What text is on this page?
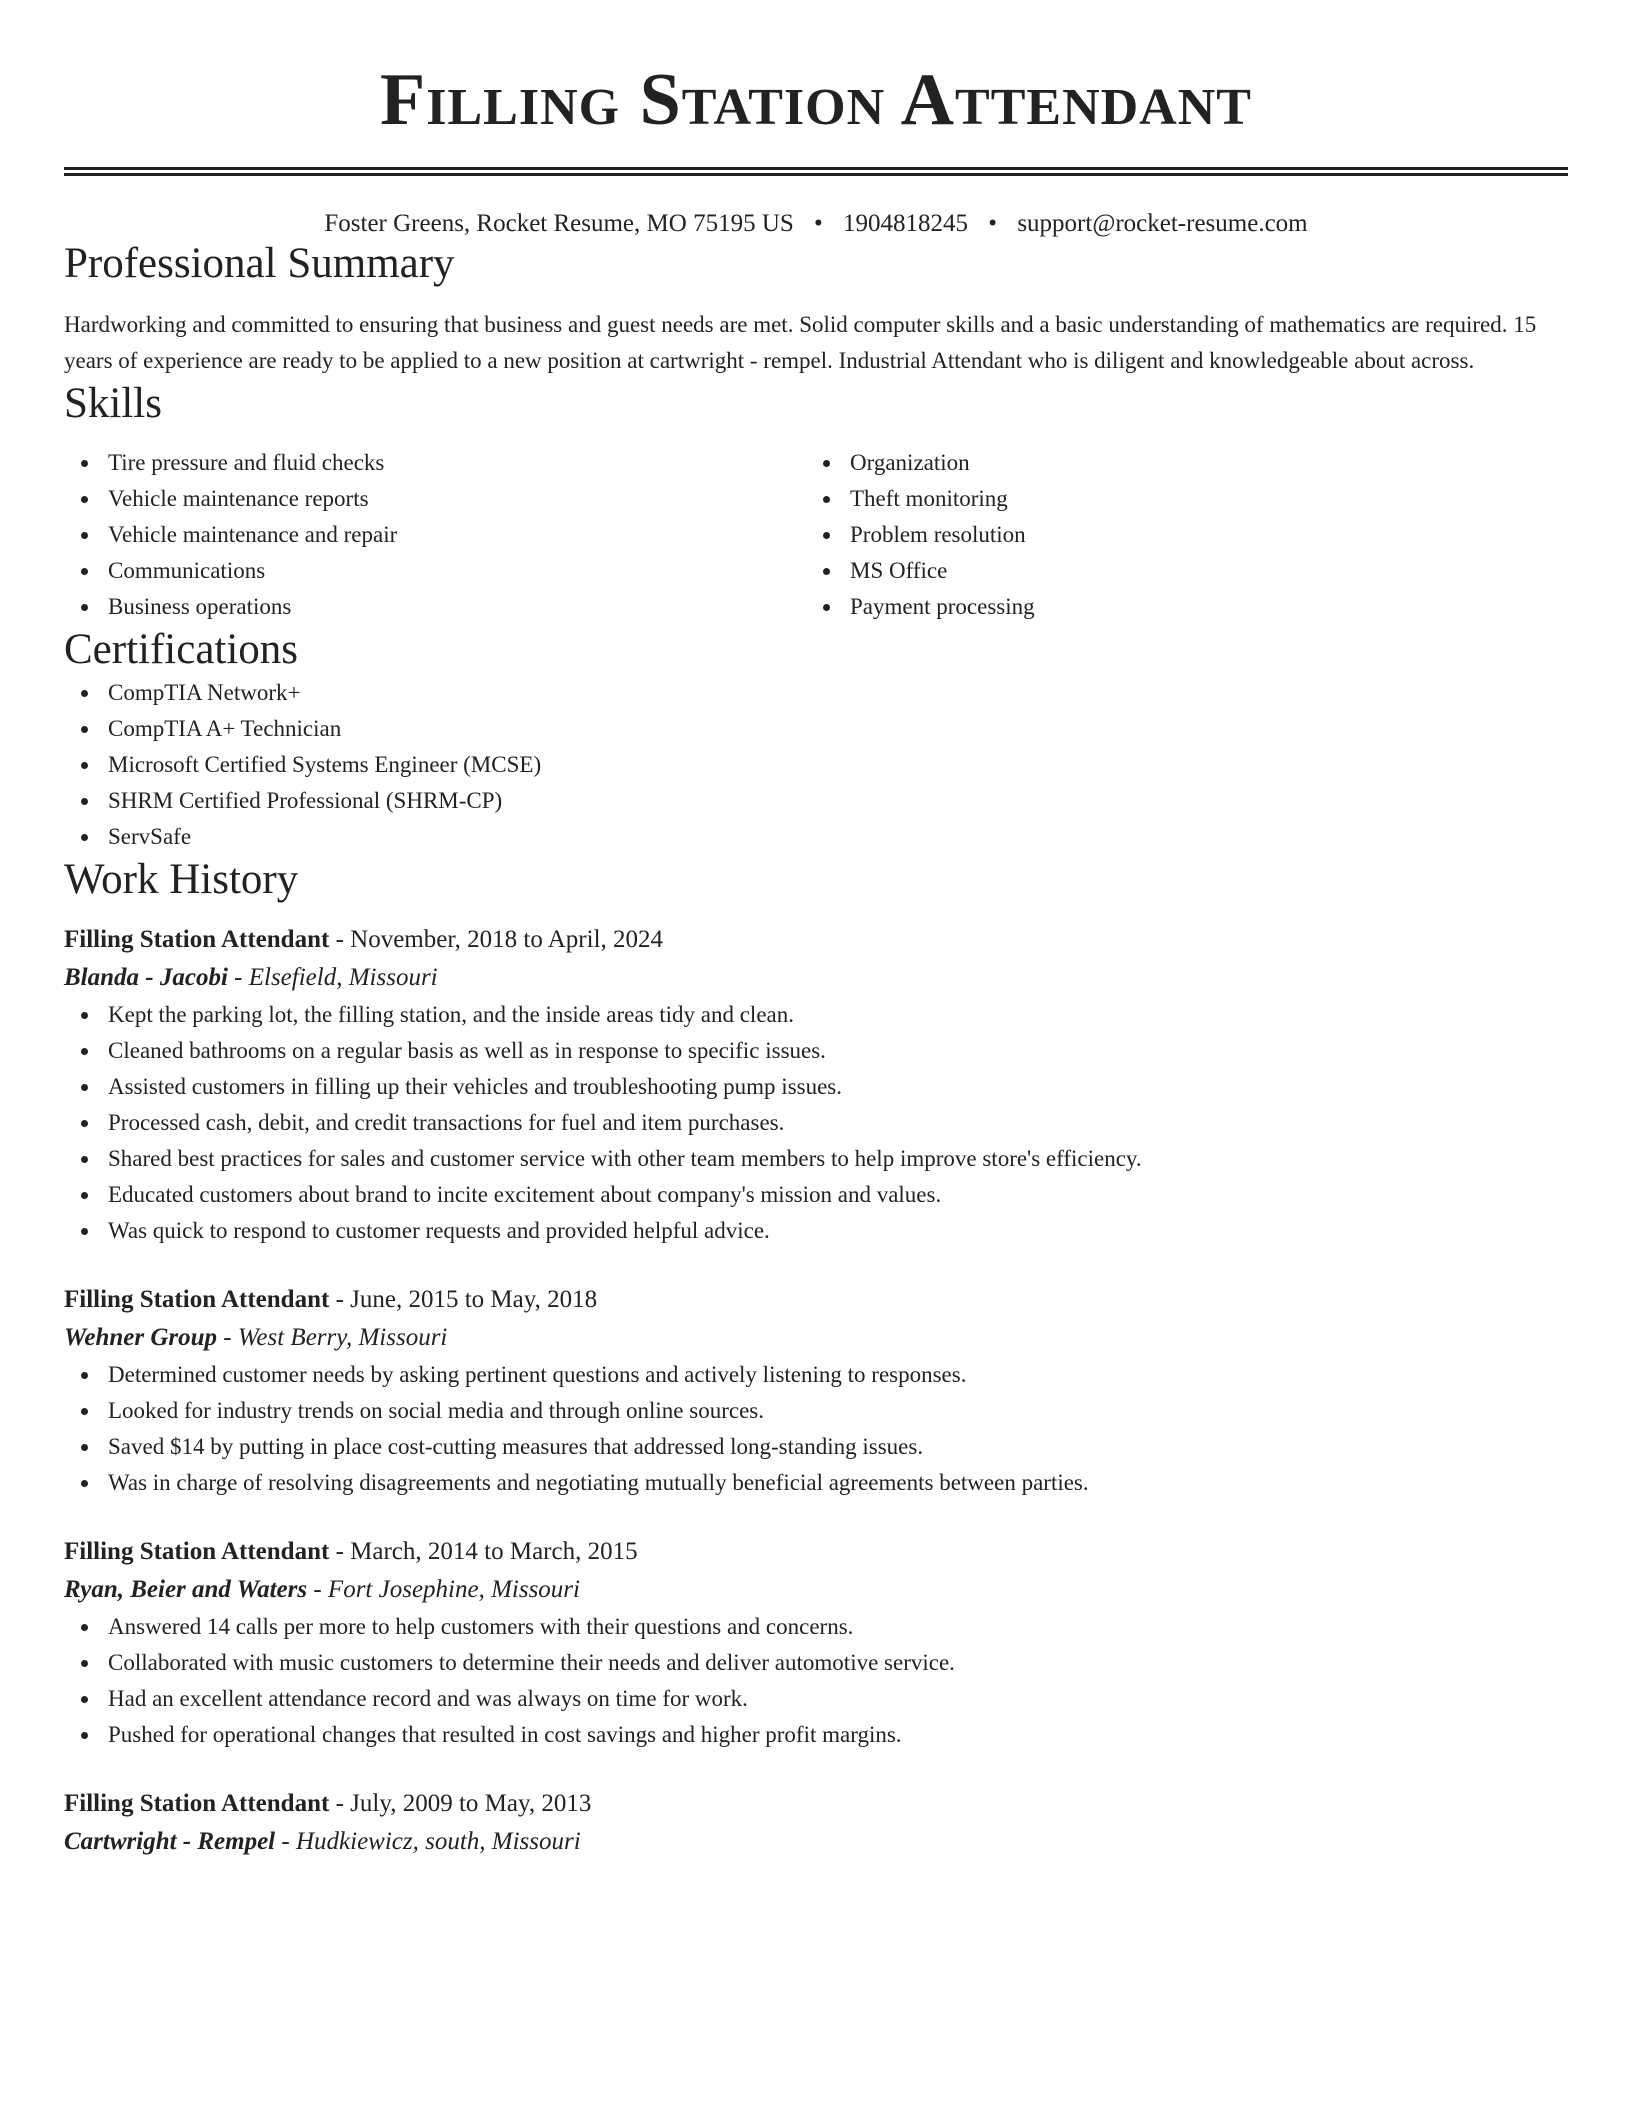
Filling Station Attendant
Foster Greens, Rocket Resume, MO 75195 US • 1904818245 • support@rocket-resume.com
Professional Summary

Hardworking and committed to ensuring that business and guest needs are met. Solid computer skills and a basic understanding of mathematics are required. 15 years of experience are ready to be applied to a new position at cartwright - rempel. Industrial Attendant who is diligent and knowledgeable about across.

Skills
Tire pressure and fluid checks
Vehicle maintenance reports
Vehicle maintenance and repair
Communications
Business operations
Organization
Theft monitoring
Problem resolution
MS Office
Payment processing
Certifications
CompTIA Network+
CompTIA A+ Technician
Microsoft Certified Systems Engineer (MCSE)
SHRM Certified Professional (SHRM-CP)
ServSafe
Work History
Filling Station Attendant - November, 2018 to April, 2024
Blanda - Jacobi - Elsefield, Missouri
Kept the parking lot, the filling station, and the inside areas tidy and clean.
Cleaned bathrooms on a regular basis as well as in response to specific issues.
Assisted customers in filling up their vehicles and troubleshooting pump issues.
Processed cash, debit, and credit transactions for fuel and item purchases.
Shared best practices for sales and customer service with other team members to help improve store's efficiency.
Educated customers about brand to incite excitement about company's mission and values.
Was quick to respond to customer requests and provided helpful advice.
Filling Station Attendant - June, 2015 to May, 2018
Wehner Group - West Berry, Missouri
Determined customer needs by asking pertinent questions and actively listening to responses.
Looked for industry trends on social media and through online sources.
Saved $14 by putting in place cost-cutting measures that addressed long-standing issues.
Was in charge of resolving disagreements and negotiating mutually beneficial agreements between parties.
Filling Station Attendant - March, 2014 to March, 2015
Ryan, Beier and Waters - Fort Josephine, Missouri
Answered 14 calls per more to help customers with their questions and concerns.
Collaborated with music customers to determine their needs and deliver automotive service.
Had an excellent attendance record and was always on time for work.
Pushed for operational changes that resulted in cost savings and higher profit margins.
Filling Station Attendant - July, 2009 to May, 2013
Cartwright - Rempel - Hudkiewicz, south, Missouri
